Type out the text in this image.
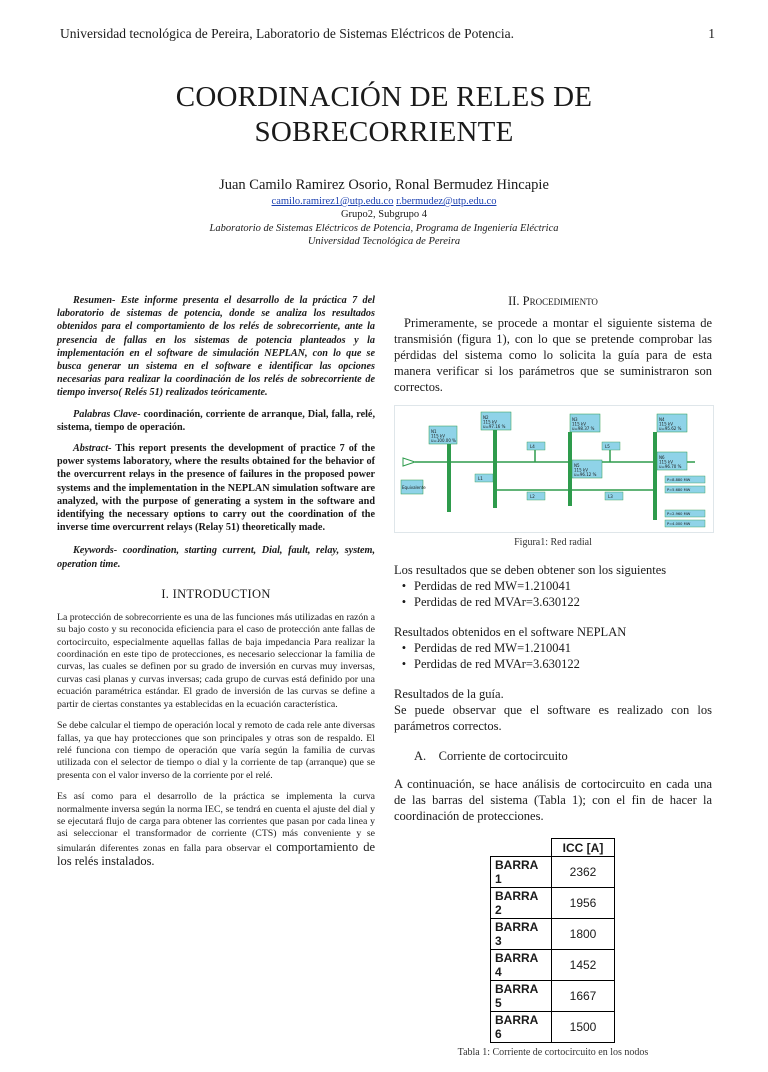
Universidad tecnológica de Pereira, Laboratorio de Sistemas Eléctricos de Potencia.	1
COORDINACIÓN DE RELES DE
SOBRECORRIENTE
Juan Camilo Ramirez Osorio, Ronal Bermudez Hincapie
camilo.ramirez1@utp.edu.co r.bermudez@utp.edu.co
Grupo2, Subgrupo 4
Laboratorio de Sistemas Eléctricos de Potencia, Programa de Ingeniería Eléctrica
Universidad Tecnológica de Pereira

Resumen- Este informe presenta el desarrollo de la práctica 7 del laboratorio de sistemas de potencia, donde se analiza los resultados obtenidos para el comportamiento de los relés de sobrecorriente, ante la presencia de fallas en los sistemas de potencia planteados y la implementación en el software de simulación NEPLAN, con lo que se busca generar un sistema en el software e identificar las opciones necesarias para realizar la coordinación de los relés de sobrecorriente de tiempo inverso( Relés 51) realizados teóricamente.

Palabras Clave- coordinación, corriente de arranque, Dial, falla, relé, sistema, tiempo de operación.

Abstract- This report presents the development of practice 7 of the power systems laboratory, where the results obtained for the behavior of the overcurrent relays in the presence of failures in the proposed power systems and the implementation in the NEPLAN simulation software are analyzed, with the purpose of generating a system in the software and identifying the necessary options to carry out the coordination of the inverse time overcurrent relays (Relay 51) theoretically made.

Keywords- coordination, starting current, Dial, fault, relay, system, operation time.

I. INTRODUCTION

La protección de sobrecorriente es una de las funciones más utilizadas en razón a su bajo costo y su reconocida eficiencia para el caso de protección ante fallas de cortocircuito, especialmente aquellas fallas de baja impedancia Para realizar la coordinación en este tipo de protecciones, es necesario seleccionar la familia de curvas, las cuales se definen por su grado de inversión en curvas muy inversas, curvas casi planas y curvas inversas; cada grupo de curvas está definido por una ecuación paramétrica estándar. El grado de inversión de las curvas se define a partir de ciertas constantes ya establecidas en la ecuación característica.

Se debe calcular el tiempo de operación local y remoto de cada rele ante diversas fallas, ya que hay protecciones que son principales y otras son de respaldo. El relé funciona con tiempo de operación que varía según la familia de curvas utilizada con el selector de tiempo o dial y la corriente de tap (arranque) que se presenta con el valor inverso de la corriente por el relé.

Es así como para el desarrollo de la práctica se implementa la curva normalmente inversa según la norma IEC, se tendrá en cuenta el ajuste del dial y se ejecutará flujo de carga para obtener las corrientes que pasan por cada linea y asi seleccionar el transformador de corriente (CTS) más conveniente y se simularán diferentes zonas en falla para observar el comportamiento de los relés instalados.

II. Procedimiento

Primeramente, se procede a montar el siguiente sistema de transmisión (figura 1), con lo que se pretende comprobar las pérdidas del sistema como lo solicita la guía para de esta manera verificar si los parámetros que se suministraron son correctos.

Equivalente
N1 115 kV u=100.00 %
N2 115 kV u=97.16 %
N3 115 kV u=98.37 %
N4 115 kV u=95.62 %
N5 115 kV u=96.12 %
N6 115 kV u=96.70 %
L1
L2	L3
L4	L5
P=8.880 MW
P=5.680 MW
P=2.960 MW
P=4.000 MW
Figura1: Red radial

Los resultados que se deben obtener son los siguientes

• Perdidas de red MW=1.210041
• Perdidas de red MVAr=3.630122

Resultados obtenidos en el software NEPLAN

• Perdidas de red MW=1.210041
• Perdidas de red MVAr=3.630122

Resultados de la guía.

Se puede observar que el software es realizado con los parámetros correctos.

A. Corriente de cortocircuito

A continuación, se hace análisis de cortocircuito en cada una de las barras del sistema (Tabla 1); con el fin de hacer la coordinación de protecciones.

	ICC [A]
BARRA 1	2362
BARRA 2	1956
BARRA 3	1800
BARRA 4	1452
BARRA 5	1667
BARRA 6	1500
Tabla 1: Corriente de cortocircuito en los nodos
